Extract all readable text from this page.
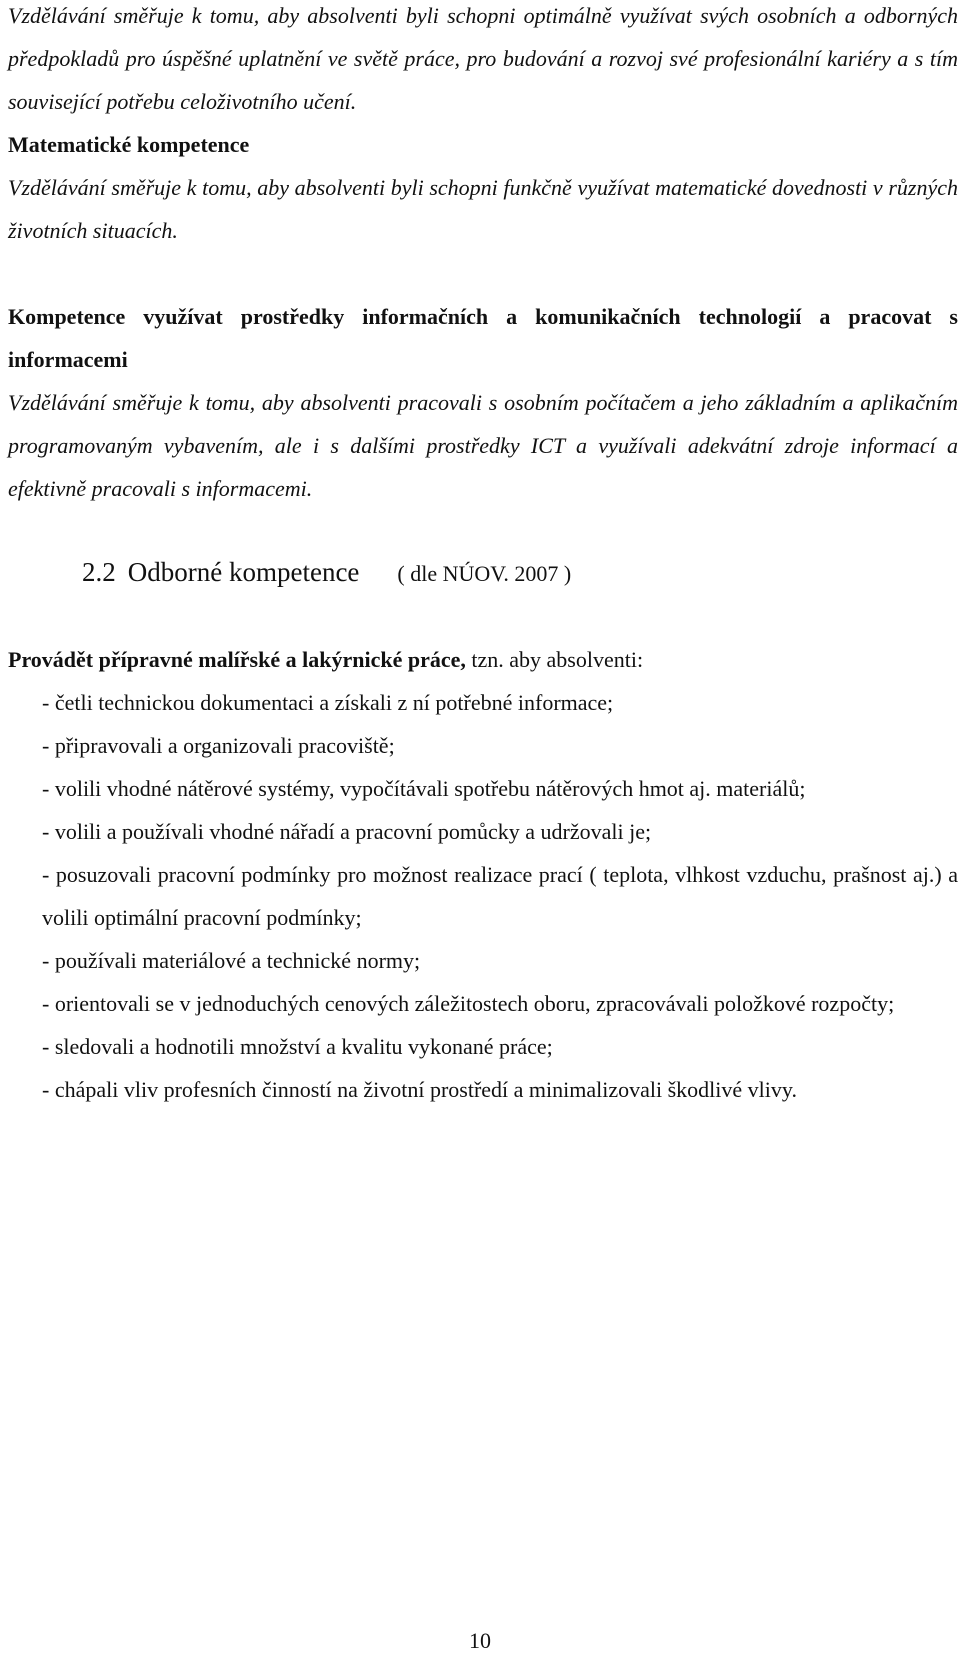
Vzdělávání směřuje k tomu, aby absolventi byli schopni optimálně využívat svých osobních a odborných předpokladů pro úspěšné uplatnění ve světě práce, pro budování a rozvoj své profesionální kariéry a s tím související potřebu celoživotního učení.

Matematické kompetence

Vzdělávání směřuje k tomu, aby absolventi byli schopni funkčně využívat matematické dovednosti v různých životních situacích.

Kompetence využívat prostředky informačních a komunikačních technologií a pracovat s informacemi

Vzdělávání směřuje k tomu, aby absolventi pracovali s osobním počítačem a jeho základním a aplikačním programovaným vybavením, ale i s dalšími prostředky ICT a využívali adekvátní zdroje informací a efektivně pracovali s informacemi.

2.2 Odborné kompetence ( dle NÚOV. 2007 )

Provádět přípravné malířské a lakýrnické práce, tzn. aby absolventi:

- četli technickou dokumentaci a získali z ní potřebné informace;
- připravovali a organizovali pracoviště;
- volili vhodné nátěrové systémy, vypočítávali spotřebu nátěrových hmot aj. materiálů;
- volili a používali vhodné nářadí a pracovní pomůcky a udržovali je;
- posuzovali pracovní podmínky pro možnost realizace prací ( teplota, vlhkost vzduchu, prašnost aj.) a volili optimální pracovní podmínky;
- používali materiálové a technické normy;
- orientovali se v jednoduchých cenových záležitostech oboru, zpracovávali položkové rozpočty;
- sledovali a hodnotili množství a kvalitu vykonané práce;
- chápali vliv profesních činností na životní prostředí a minimalizovali škodlivé vlivy.
10
